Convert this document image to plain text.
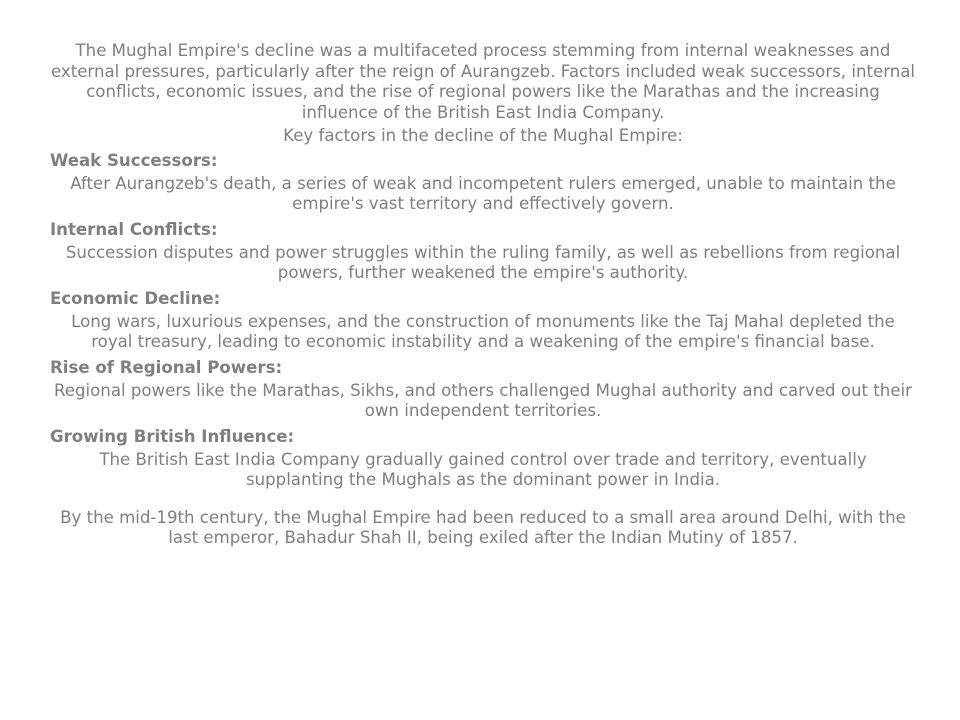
The Mughal Empire's decline was a multifaceted process stemming from internal weaknesses and external pressures, particularly after the reign of Aurangzeb. Factors included weak successors, internal conflicts, economic issues, and the rise of regional powers like the Marathas and the increasing influence of the British East India Company.

Key factors in the decline of the Mughal Empire:

Weak Successors:

After Aurangzeb's death, a series of weak and incompetent rulers emerged, unable to maintain the empire's vast territory and effectively govern.

Internal Conflicts:

Succession disputes and power struggles within the ruling family, as well as rebellions from regional powers, further weakened the empire's authority.

Economic Decline:

Long wars, luxurious expenses, and the construction of monuments like the Taj Mahal depleted the royal treasury, leading to economic instability and a weakening of the empire's financial base.

Rise of Regional Powers:

Regional powers like the Marathas, Sikhs, and others challenged Mughal authority and carved out their own independent territories.

Growing British Influence:

The British East India Company gradually gained control over trade and territory, eventually supplanting the Mughals as the dominant power in India.

By the mid-19th century, the Mughal Empire had been reduced to a small area around Delhi, with the last emperor, Bahadur Shah II, being exiled after the Indian Mutiny of 1857.
